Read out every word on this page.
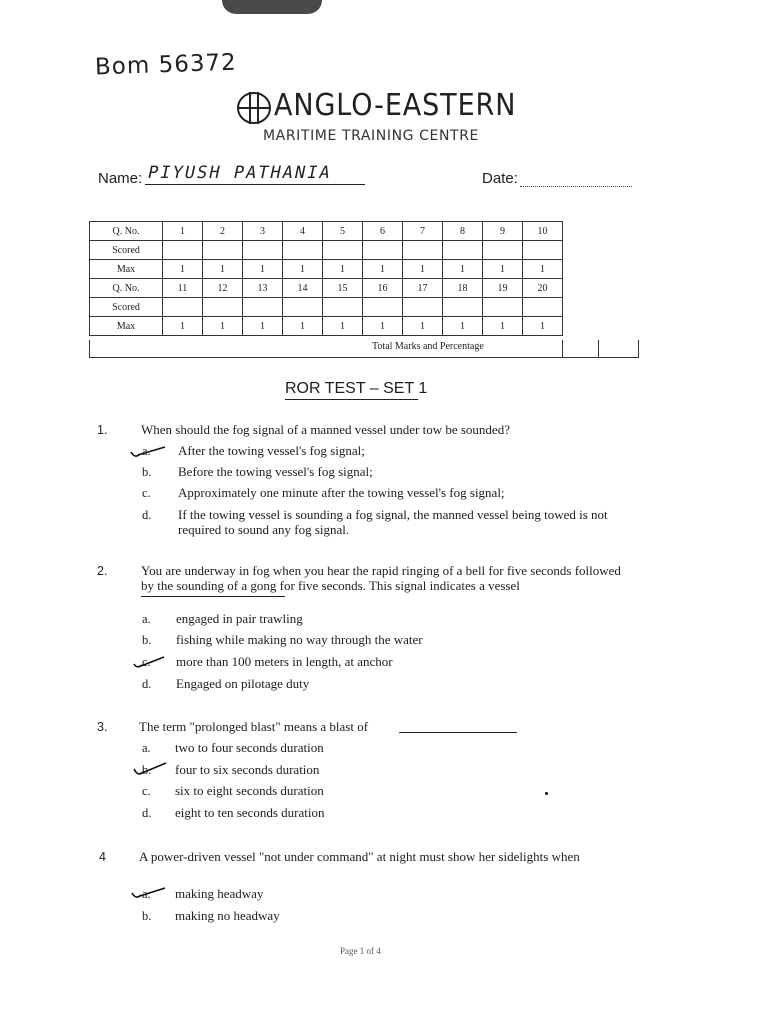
Bom 56372
ANGLO-EASTERN
MARITIME TRAINING CENTRE
Name: PIYUSH PATHANIA	Date:
Q. No.	1	2	3	4	5	6	7	8	9	10
Scored										
Max	1	1	1	1	1	1	1	1	1	1
Q. No.	11	12	13	14	15	16	17	18	19	20
Scored										
Max	1	1	1	1	1	1	1	1	1	1
Total Marks and Percentage
ROR TEST – SET 1
1.	When should the fog signal of a manned vessel under tow be sounded?
a. After the towing vessel's fog signal;
b. Before the towing vessel's fog signal;
c. Approximately one minute after the towing vessel's fog signal;
d. If the towing vessel is sounding a fog signal, the manned vessel being towed is not required to sound any fog signal.
2.	You are underway in fog when you hear the rapid ringing of a bell for five seconds followed by the sounding of a gong for five seconds. This signal indicates a vessel
a. engaged in pair trawling
b. fishing while making no way through the water
c. more than 100 meters in length, at anchor
d. Engaged on pilotage duty
3. The term "prolonged blast" means a blast of
a. two to four seconds duration
b. four to six seconds duration
c. six to eight seconds duration
d. eight to ten seconds duration
4	A power-driven vessel "not under command" at night must show her sidelights when
a. making headway
b. making no headway
Page 1 of 4
